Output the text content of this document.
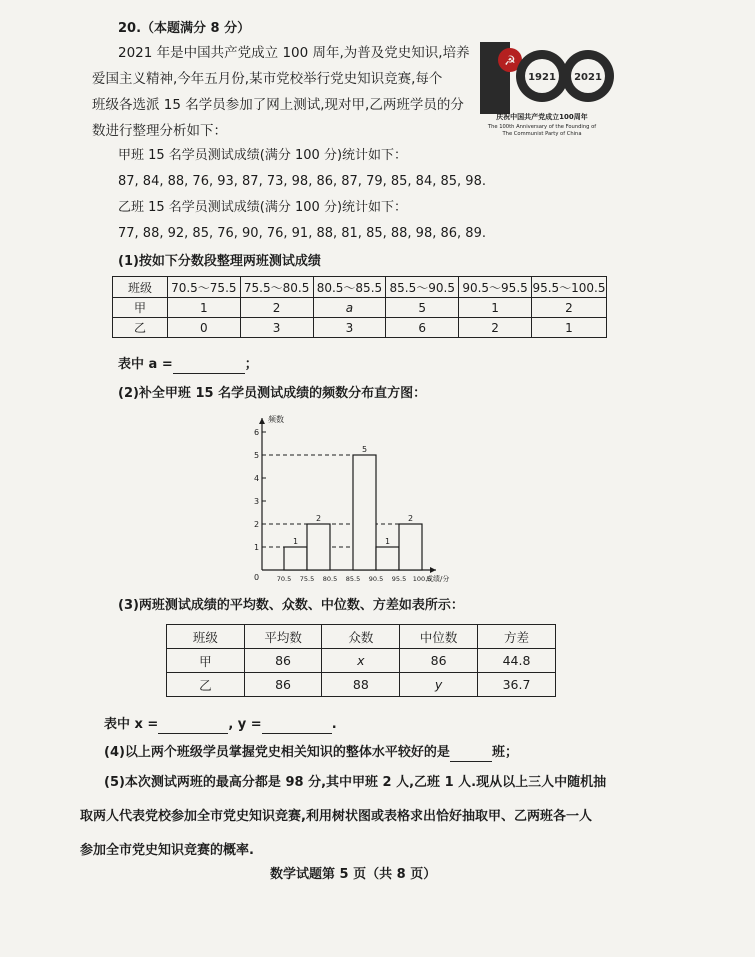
20.（本题满分 8 分）
2021 年是中国共产党成立 100 周年,为普及党史知识,培养
爱国主义精神,今年五月份,某市党校举行党史知识竞赛,每个
班级各选派 15 名学员参加了网上测试,现对甲,乙两班学员的分
数进行整理分析如下：
☭
1921 2021
庆祝中国共产党成立100周年
The 100th Anniversary of the Founding of
The Communist Party of China
甲班 15 名学员测试成绩(满分 100 分)统计如下：
87, 84, 88, 76, 93, 87, 73, 98, 86, 87, 79, 85, 84, 85, 98.
乙班 15 名学员测试成绩(满分 100 分)统计如下：
77, 88, 92, 85, 76, 90, 76, 91, 88, 81, 85, 88, 98, 86, 89.
(1)按如下分数段整理两班测试成绩
班级	70.5～75.5	75.5～80.5	80.5～85.5	85.5～90.5	90.5～95.5	95.5～100.5
甲	1	2	a	5	1	2
乙	0	3	3	6	2	1
表中 a =	；
(2)补全甲班 15 名学员测试成绩的频数分布直方图：
频数
成绩/分
0
1
2
3
4
5
6
70.5 75.5 80.5 85.5 90.5 95.5 100.5
1
2
5
1
2
(3)两班测试成绩的平均数、众数、中位数、方差如表所示：
班级	平均数	众数	中位数	方差
甲	86	x	86	44.8
乙	86	88	y	36.7
表中 x =	, y =	.
(4)以上两个班级学员掌握党史相关知识的整体水平较好的是	班；
(5)本次测试两班的最高分都是 98 分,其中甲班 2 人,乙班 1 人.现从以上三人中随机抽
取两人代表党校参加全市党史知识竞赛,利用树状图或表格求出恰好抽取甲、乙两班各一人
参加全市党史知识竞赛的概率.
数学试题第 5 页（共 8 页）
